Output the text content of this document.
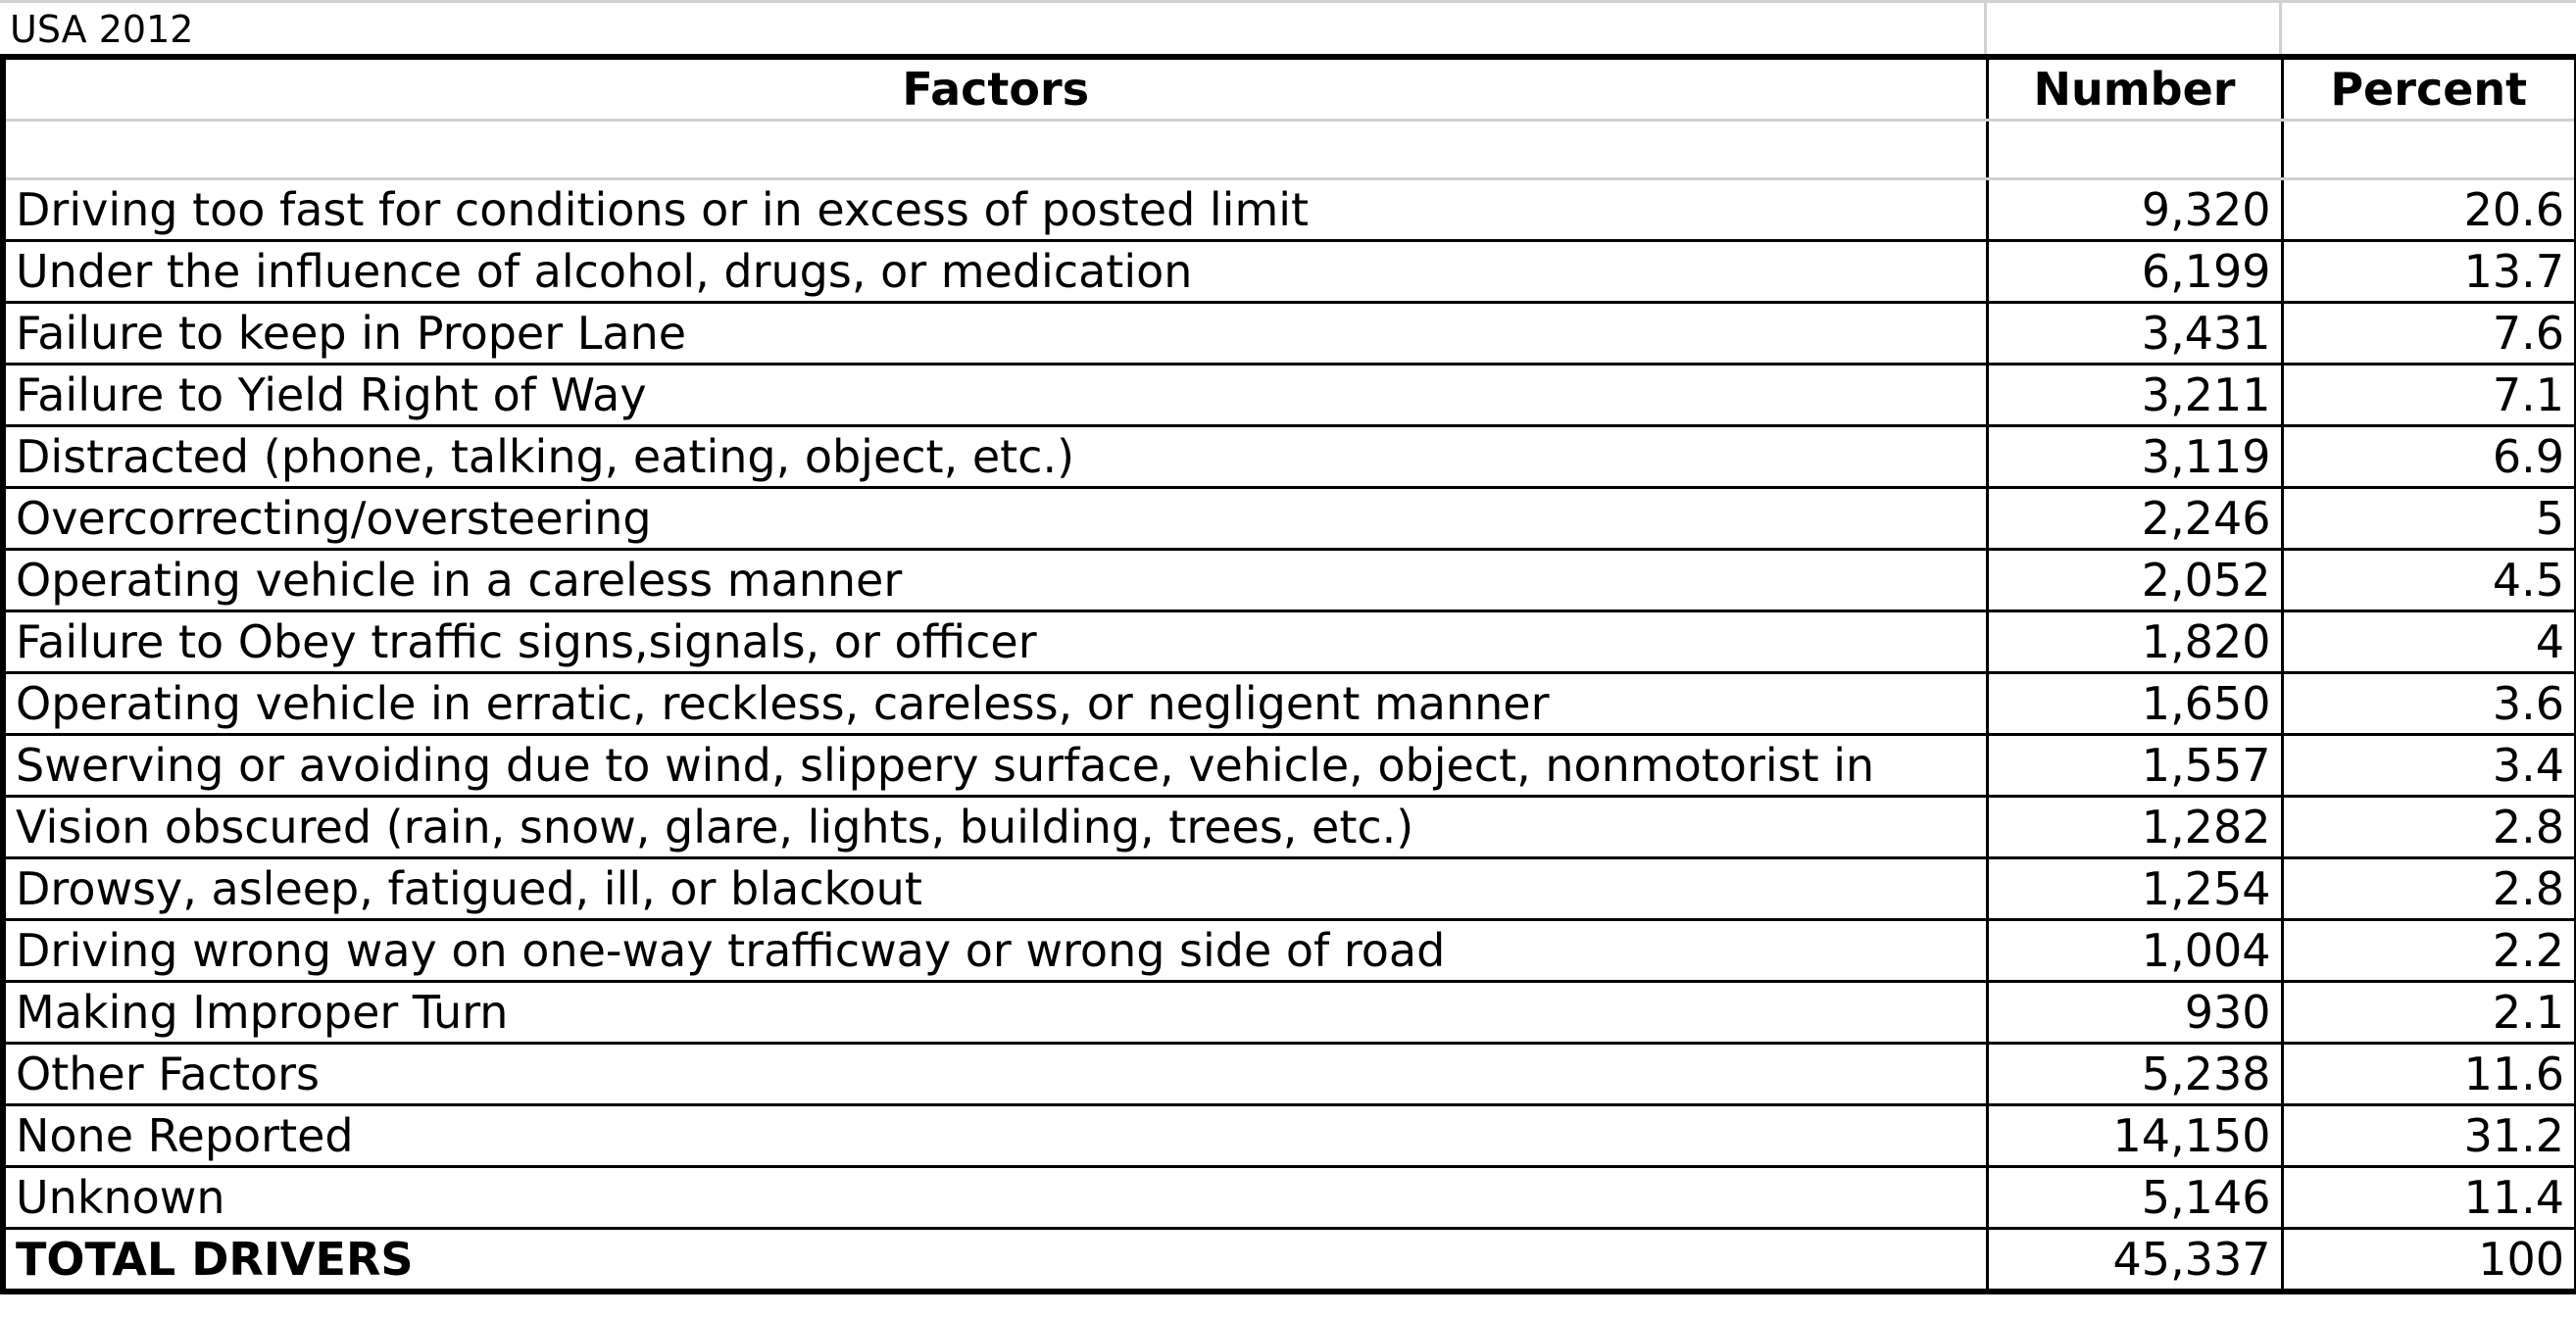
USA 2012
Factors	Number	Percent

Driving too fast for conditions or in excess of posted limit	9,320	20.6
Under the influence of alcohol, drugs, or medication	6,199	13.7
Failure to keep in Proper Lane	3,431	7.6
Failure to Yield Right of Way	3,211	7.1
Distracted (phone, talking, eating, object, etc.)	3,119	6.9
Overcorrecting/oversteering	2,246	5
Operating vehicle in a careless manner	2,052	4.5
Failure to Obey traffic signs,signals, or officer	1,820	4
Operating vehicle in erratic, reckless, careless, or negligent manner	1,650	3.6
Swerving or avoiding due to wind, slippery surface, vehicle, object, nonmotorist in	1,557	3.4
Vision obscured (rain, snow, glare, lights, building, trees, etc.)	1,282	2.8
Drowsy, asleep, fatigued, ill, or blackout	1,254	2.8
Driving wrong way on one-way trafficway or wrong side of road	1,004	2.2
Making Improper Turn	930	2.1
Other Factors	5,238	11.6
None Reported	14,150	31.2
Unknown	5,146	11.4
TOTAL DRIVERS	45,337	100
